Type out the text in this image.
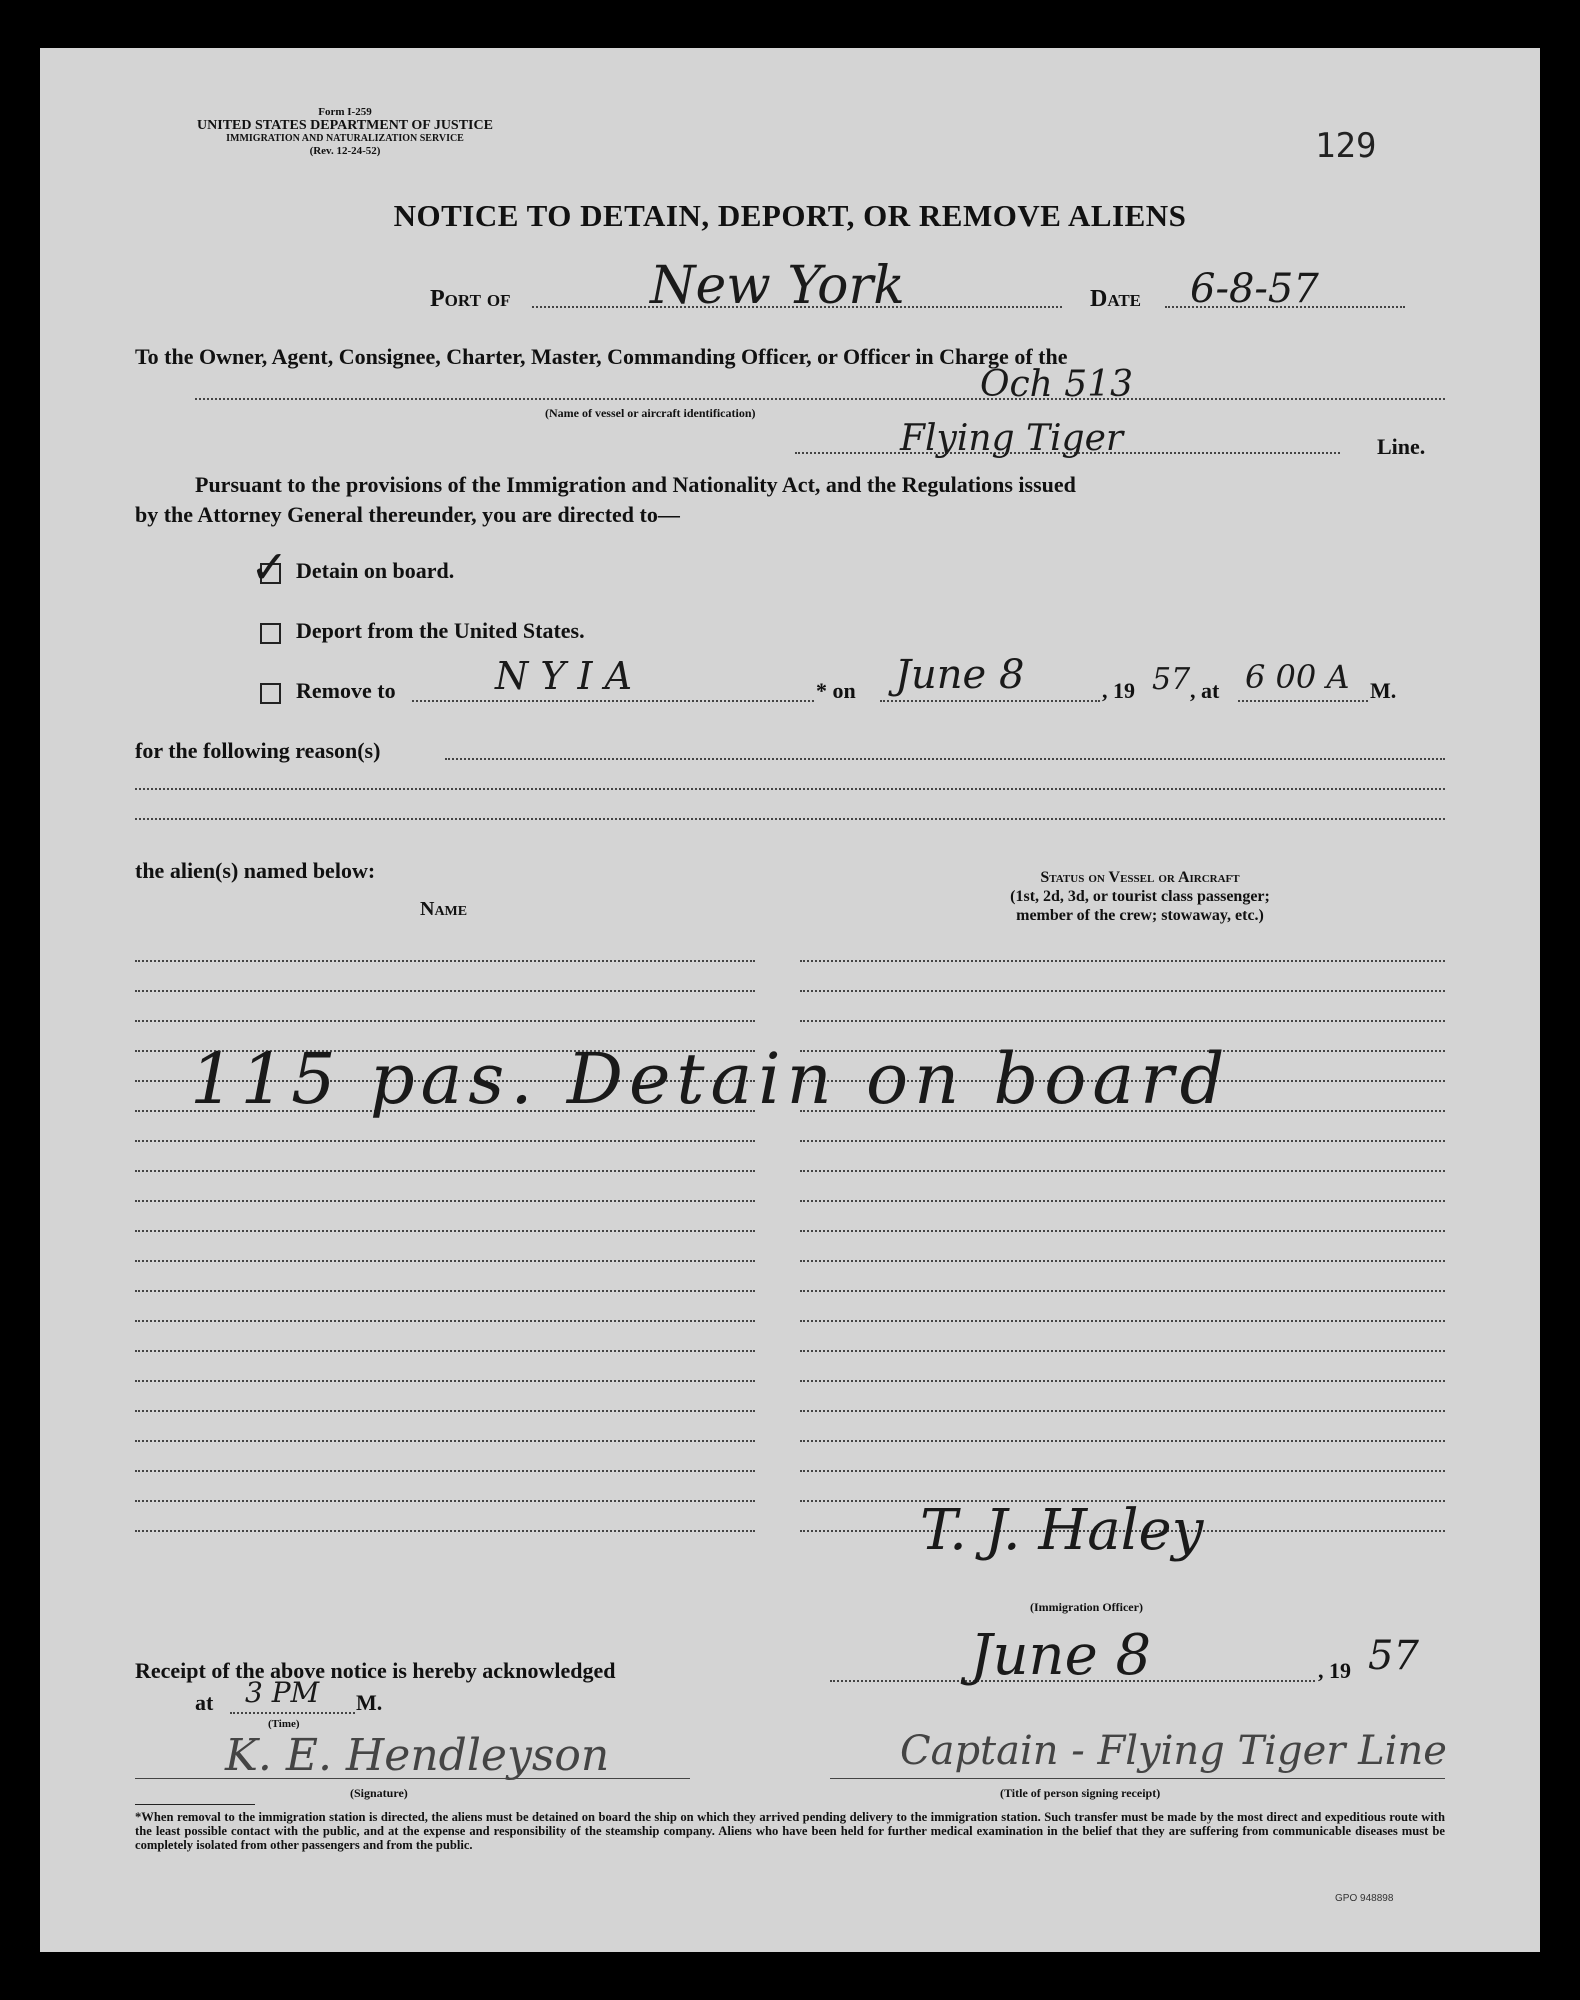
Form I-259
UNITED STATES DEPARTMENT OF JUSTICE
IMMIGRATION AND NATURALIZATION SERVICE
(Rev. 12-24-52)	129
NOTICE TO DETAIN, DEPORT, OR REMOVE ALIENS
Port of	New York	Date 6-8-57
To the Owner, Agent, Consignee, Charter, Master, Commanding Officer, or Officer in Charge of the
Och 513
(Name of vessel or aircraft identification)
Flying Tiger	Line.
Pursuant to the provisions of the Immigration and Nationality Act, and the Regulations issued
by the Attorney General thereunder, you are directed to—
✓ Detain on board.
Deport from the United States.
Remove to	N Y I A	* on June 8	, 19 57 , at 6 00 A M.
for the following reason(s)
the alien(s) named below:
Name
Status on Vessel or Aircraft
(1st, 2d, 3d, or tourist class passenger;
member of the crew; stowaway, etc.)
115 pas. Detain on board
T. J. Haley
(Immigration Officer)
Receipt of the above notice is hereby acknowledged	June 8	, 19 57
at 3 PM M.
(Time)
K. E. Hendleyson
(Signature)
Captain - Flying Tiger Line
(Title of person signing receipt)
*When removal to the immigration station is directed, the aliens must be detained on board the ship on which they arrived pending delivery to the immigration station. Such transfer must be made by the most direct and expeditious route with the least possible contact with the public, and at the expense and responsibility of the steamship company. Aliens who have been held for further medical examination in the belief that they are suffering from communicable diseases must be completely isolated from other passengers and from the public.
GPO 948898
